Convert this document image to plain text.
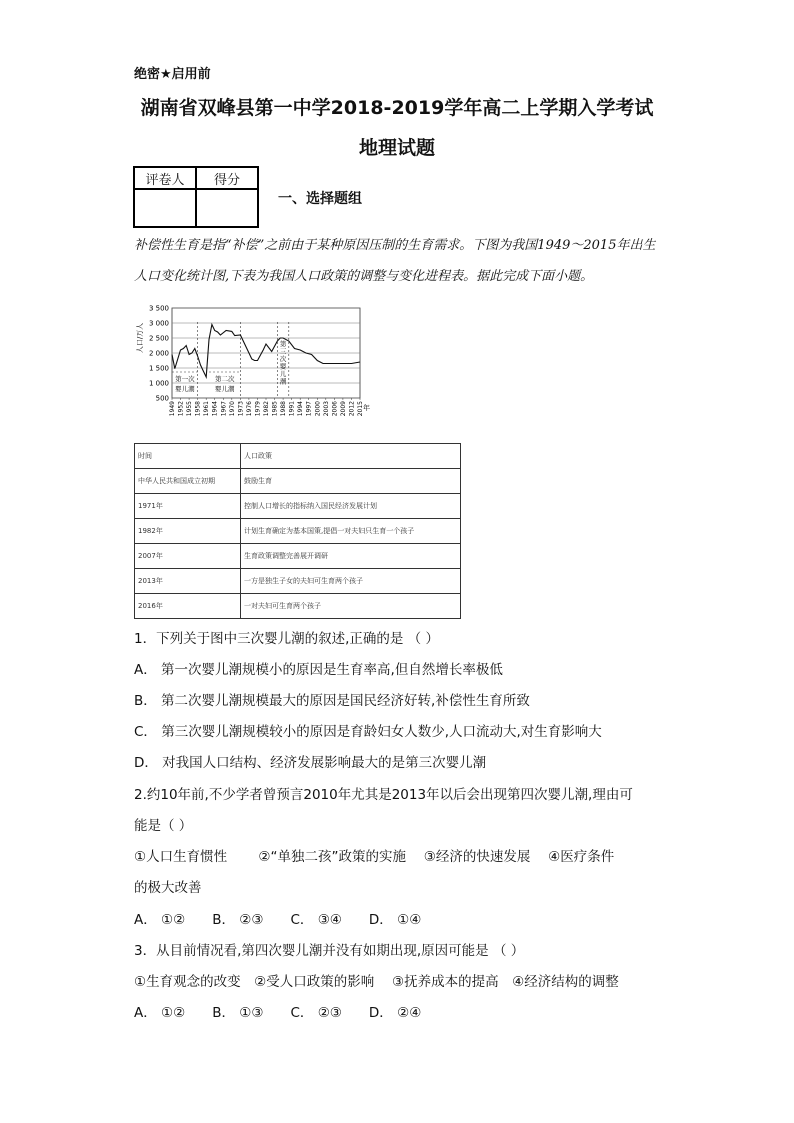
绝密★启用前
湖南省双峰县第一中学2018-2019学年高二上学期入学考试
地理试题
评卷人	得分

一、选择题组
补偿性生育是指“补偿”之前由于某种原因压制的生育需求。下图为我国1949～2015年出生人口变化统计图,下表为我国人口政策的调整与变化进程表。据此完成下面小题。
3 500
3 000
2 500
2 000
1 500
1 000
500
1949 1952 1955 1958 1961 1964 1967 1970 1973 1976 1979 1982 1985 1988 1991 1994 1997 2000 2003 2006 2009 2012 2015 年
人口/万人
第一次
婴儿潮
第二次
婴儿潮
第三次婴儿潮
时间	人口政策
中华人民共和国成立初期	鼓励生育
1971年	控制人口增长的指标纳入国民经济发展计划
1982年	计划生育确定为基本国策,提倡一对夫妇只生育一个孩子
2007年	生育政策调整完善展开调研
2013年	一方是独生子女的夫妇可生育两个孩子
2016年	一对夫妇可生育两个孩子
1．下列关于图中三次婴儿潮的叙述,正确的是 （ ）
A． 第一次婴儿潮规模小的原因是生育率高,但自然增长率极低
B． 第二次婴儿潮规模最大的原因是国民经济好转,补偿性生育所致
C． 第三次婴儿潮规模较小的原因是育龄妇女人数少,人口流动大,对生育影响大
D． 对我国人口结构、经济发展影响最大的是第三次婴儿潮
2.约10年前,不少学者曾预言2010年尤其是2013年以后会出现第四次婴儿潮,理由可
能是（ ）
①人口生育惯性　　 ②“单独二孩”政策的实施　 ③经济的快速发展　 ④医疗条件
的极大改善
A． ①②　　B． ②③　　C． ③④　　D． ①④
3．从目前情况看,第四次婴儿潮并没有如期出现,原因可能是 （ ）
①生育观念的改变　②受人口政策的影响　 ③抚养成本的提高　④经济结构的调整
A． ①②　　B． ①③　　C． ②③　　D． ②④
